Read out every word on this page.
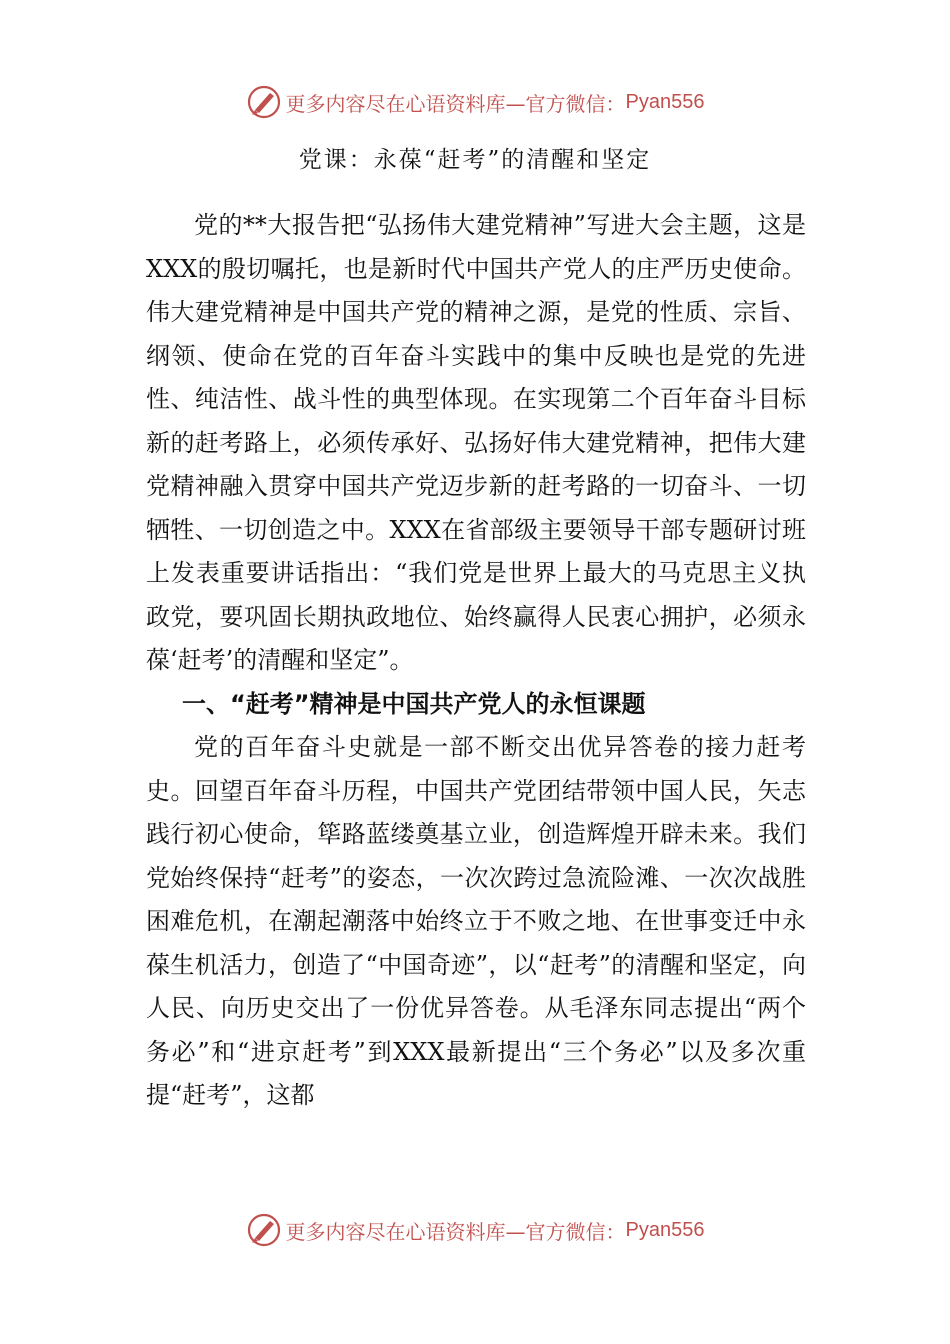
更多内容尽在心语资料库—官方微信： Pyan556
党课：永葆“赶考”的清醒和坚定

党的**大报告把“弘扬伟大建党精神”写进大会主题，这是XXX的殷切嘱托，也是新时代中国共产党人的庄严历史使命。伟大建党精神是中国共产党的精神之源，是党的性质、宗旨、纲领、使命在党的百年奋斗实践中的集中反映也是党的先进性、纯洁性、战斗性的典型体现。在实现第二个百年奋斗目标新的赶考路上，必须传承好、弘扬好伟大建党精神，把伟大建党精神融入贯穿中国共产党迈步新的赶考路的一切奋斗、一切牺牲、一切创造之中。XXX在省部级主要领导干部专题研讨班上发表重要讲话指出：“我们党是世界上最大的马克思主义执政党，要巩固长期执政地位、始终赢得人民衷心拥护，必须永葆‘赶考’的清醒和坚定”。

一、“赶考”精神是中国共产党人的永恒课题

党的百年奋斗史就是一部不断交出优异答卷的接力赶考史。回望百年奋斗历程，中国共产党团结带领中国人民，矢志践行初心使命，筚路蓝缕奠基立业，创造辉煌开辟未来。我们党始终保持“赶考”的姿态，一次次跨过急流险滩、一次次战胜困难危机，在潮起潮落中始终立于不败之地、在世事变迁中永葆生机活力，创造了“中国奇迹”，以“赶考”的清醒和坚定，向人民、向历史交出了一份优异答卷。从毛泽东同志提出“两个务必”和“进京赶考”到XXX最新提出“三个务必”以及多次重提“赶考”，这都

更多内容尽在心语资料库—官方微信： Pyan556
